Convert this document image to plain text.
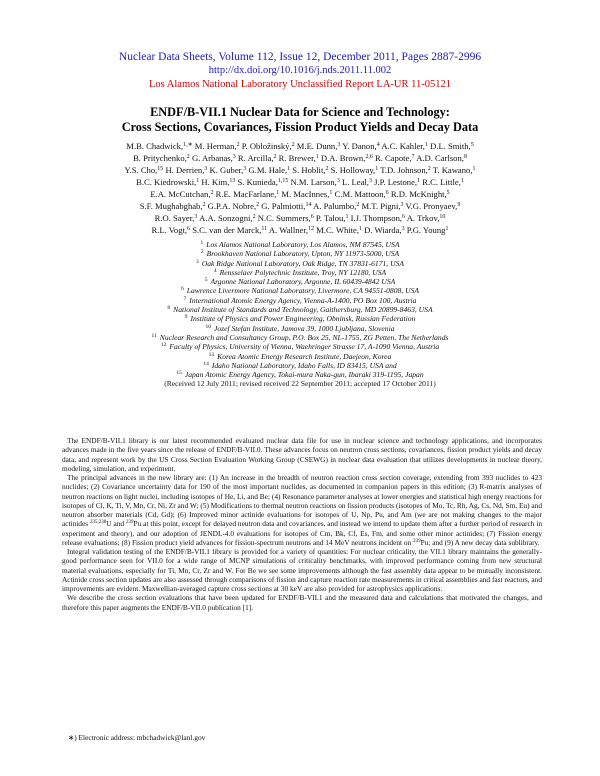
Nuclear Data Sheets, Volume 112, Issue 12, December 2011, Pages 2887-2996
http://dx.doi.org/10.1016/j.nds.2011.11.002
Los Alamos National Laboratory Unclassified Report LA-UR 11-05121
ENDF/B-VII.1 Nuclear Data for Science and Technology:
Cross Sections, Covariances, Fission Product Yields and Decay Data
M.B. Chadwick,$^{1,∗}$ M. Herman,$^2$ P. Obložinský,$^2$ M.E. Dunn,$^3$ Y. Danon,$^4$ A.C. Kahler,$^1$ D.L. Smith,$^5$
B. Pritychenko,$^2$ G. Arbanas,$^3$ R. Arcilla,$^2$ R. Brewer,$^1$ D.A. Brown,$^{2,6}$ R. Capote,$^7$ A.D. Carlson,$^8$
Y.S. Cho,$^{15}$ H. Derrien,$^3$ K. Guber,$^3$ G.M. Hale,$^1$ S. Hoblit,$^2$ S. Holloway,$^1$ T.D. Johnson,$^2$ T. Kawano,$^1$
B.C. Kiedrowski,$^1$ H. Kim,$^{13}$ S. Kunieda,$^{1,15}$ N.M. Larson,$^3$ L. Leal,$^3$ J.P. Lestone,$^1$ R.C. Little,$^1$
E.A. McCutchan,$^2$ R.E. MacFarlane,$^1$ M. MacInnes,$^1$ C.M. Mattoon,$^6$ R.D. McKnight,$^5$
S.F. Mughabghab,$^2$ G.P.A. Nobre,$^2$ G. Palmiotti,$^{14}$ A. Palumbo,$^2$ M.T. Pigni,$^3$ V.G. Pronyaev,$^9$
R.O. Sayer,$^3$ A.A. Sonzogni,$^2$ N.C. Summers,$^6$ P. Talou,$^1$ I.J. Thompson,$^6$ A. Trkov,$^{10}$
R.L. Vogt,$^6$ S.C. van der Marck,$^{11}$ A. Wallner,$^{12}$ M.C. White,$^1$ D. Wiarda,$^3$ P.G. Young$^1$
$^1$ Los Alamos National Laboratory, Los Alamos, NM 87545, USA
$^2$ Brookhaven National Laboratory, Upton, NY 11973-5000, USA
$^3$ Oak Ridge National Laboratory, Oak Ridge, TN 37831-6171, USA
$^4$ Rensselaer Polytechnic Institute, Troy, NY 12180, USA
$^5$ Argonne National Laboratory, Argonne, IL 60439-4842 USA
$^6$ Lawrence Livermore National Laboratory, Livermore, CA 94551-0808, USA
$^7$ International Atomic Energy Agency, Vienna-A-1400, PO Box 100, Austria
$^8$ National Institute of Standards and Technology, Gaithersburg, MD 20899-8463, USA
$^9$ Institute of Physics and Power Engineering, Obninsk, Russian Federation
$^{10}$ Jozef Stefan Institute, Jamova 39, 1000 Ljubljana, Slovenia
$^{11}$ Nuclear Research and Consultancy Group, P.O. Box 25, NL-1755, ZG Petten, The Netherlands
$^{12}$ Faculty of Physics, University of Vienna, Waehringer Strasse 17, A-1090 Vienna, Austria
$^{13}$ Korea Atomic Energy Research Institute, Daejeon, Korea
$^{14}$ Idaho National Laboratory, Idaho Falls, ID 83415, USA and
$^{15}$ Japan Atomic Energy Agency, Tokai-mura Naka-gun, Ibaraki 319-1195, Japan
(Received 12 July 2011; revised received 22 September 2011; accepted 17 October 2011)

The ENDF/B-VII.1 library is our latest recommended evaluated nuclear data file for use in nuclear science and technology applications, and incorporates advances made in the five years since the release of ENDF/B-VII.0. These advances focus on neutron cross sections, covariances, fission product yields and decay data, and represent work by the US Cross Section Evaluation Working Group (CSEWG) in nuclear data evaluation that utilizes developments in nuclear theory, modeling, simulation, and experiment.

The principal advances in the new library are: (1) An increase in the breadth of neutron reaction cross section coverage, extending from 393 nuclides to 423 nuclides; (2) Covariance uncertainty data for 190 of the most important nuclides, as documented in companion papers in this edition; (3) R-matrix analyses of neutron reactions on light nuclei, including isotopes of He, Li, and Be; (4) Resonance parameter analyses at lower energies and statistical high energy reactions for isotopes of Cl, K, Ti, V, Mn, Cr, Ni, Zr and W; (5) Modifications to thermal neutron reactions on fission products (isotopes of Mo, Tc, Rh, Ag, Cs, Nd, Sm, Eu) and neutron absorber materials (Cd, Gd); (6) Improved minor actinide evaluations for isotopes of U, Np, Pu, and Am (we are not making changes to the major actinides $^{235,238}$U and $^{239}$Pu at this point, except for delayed neutron data and covariances, and instead we intend to update them after a further period of research in experiment and theory), and our adoption of JENDL-4.0 evaluations for isotopes of Cm, Bk, Cf, Es, Fm, and some other minor actinides; (7) Fission energy release evaluations; (8) Fission product yield advances for fission-spectrum neutrons and 14 MeV neutrons incident on $^{239}$Pu; and (9) A new decay data sublibrary.

Integral validation testing of the ENDF/B-VII.1 library is provided for a variety of quantities: For nuclear criticality, the VII.1 library maintains the generally-good performance seen for VII.0 for a wide range of MCNP simulations of criticality benchmarks, with improved performance coming from new structural material evaluations, especially for Ti, Mn, Cr, Zr and W. For Be we see some improvements although the fast assembly data appear to be mutually inconsistent. Actinide cross section updates are also assessed through comparisons of fission and capture reaction rate measurements in critical assemblies and fast reactors, and improvements are evident. Maxwellian-averaged capture cross sections at 30 keV are also provided for astrophysics applications.

We describe the cross section evaluations that have been updated for ENDF/B-VII.1 and the measured data and calculations that motivated the changes, and therefore this paper augments the ENDF/B-VII.0 publication [1].

∗) Electronic address: mbchadwick@lanl.gov
